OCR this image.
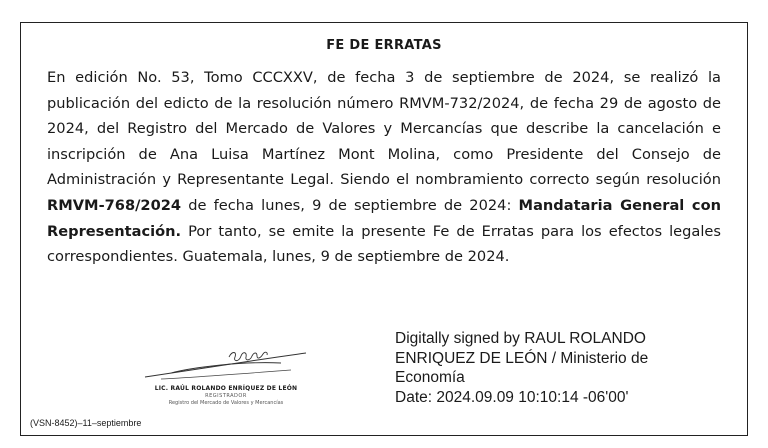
FE DE ERRATAS
En edición No. 53, Tomo CCCXXV, de fecha 3 de septiembre de 2024, se realizó la publicación del edicto de la resolución número RMVM-732/2024, de fecha 29 de agosto de 2024, del Registro del Mercado de Valores y Mercancías que describe la cancelación e inscripción de Ana Luisa Martínez Mont Molina, como Presidente del Consejo de Administración y Representante Legal. Siendo el nombramiento correcto según resolución RMVM-768/2024 de fecha lunes, 9 de septiembre de 2024: Mandataria General con Representación. Por tanto, se emite la presente Fe de Erratas para los efectos legales correspondientes. Guatemala, lunes, 9 de septiembre de 2024.
LIC. RAÚL ROLANDO ENRÍQUEZ DE LEÓN
REGISTRADOR
Registro del Mercado de Valores y Mercancías
Digitally signed by RAUL ROLANDO
ENRIQUEZ DE LEÓN / Ministerio de
Economía
Date: 2024.09.09 10:10:14 -06'00'
(VSN-8452)–11–septiembre
